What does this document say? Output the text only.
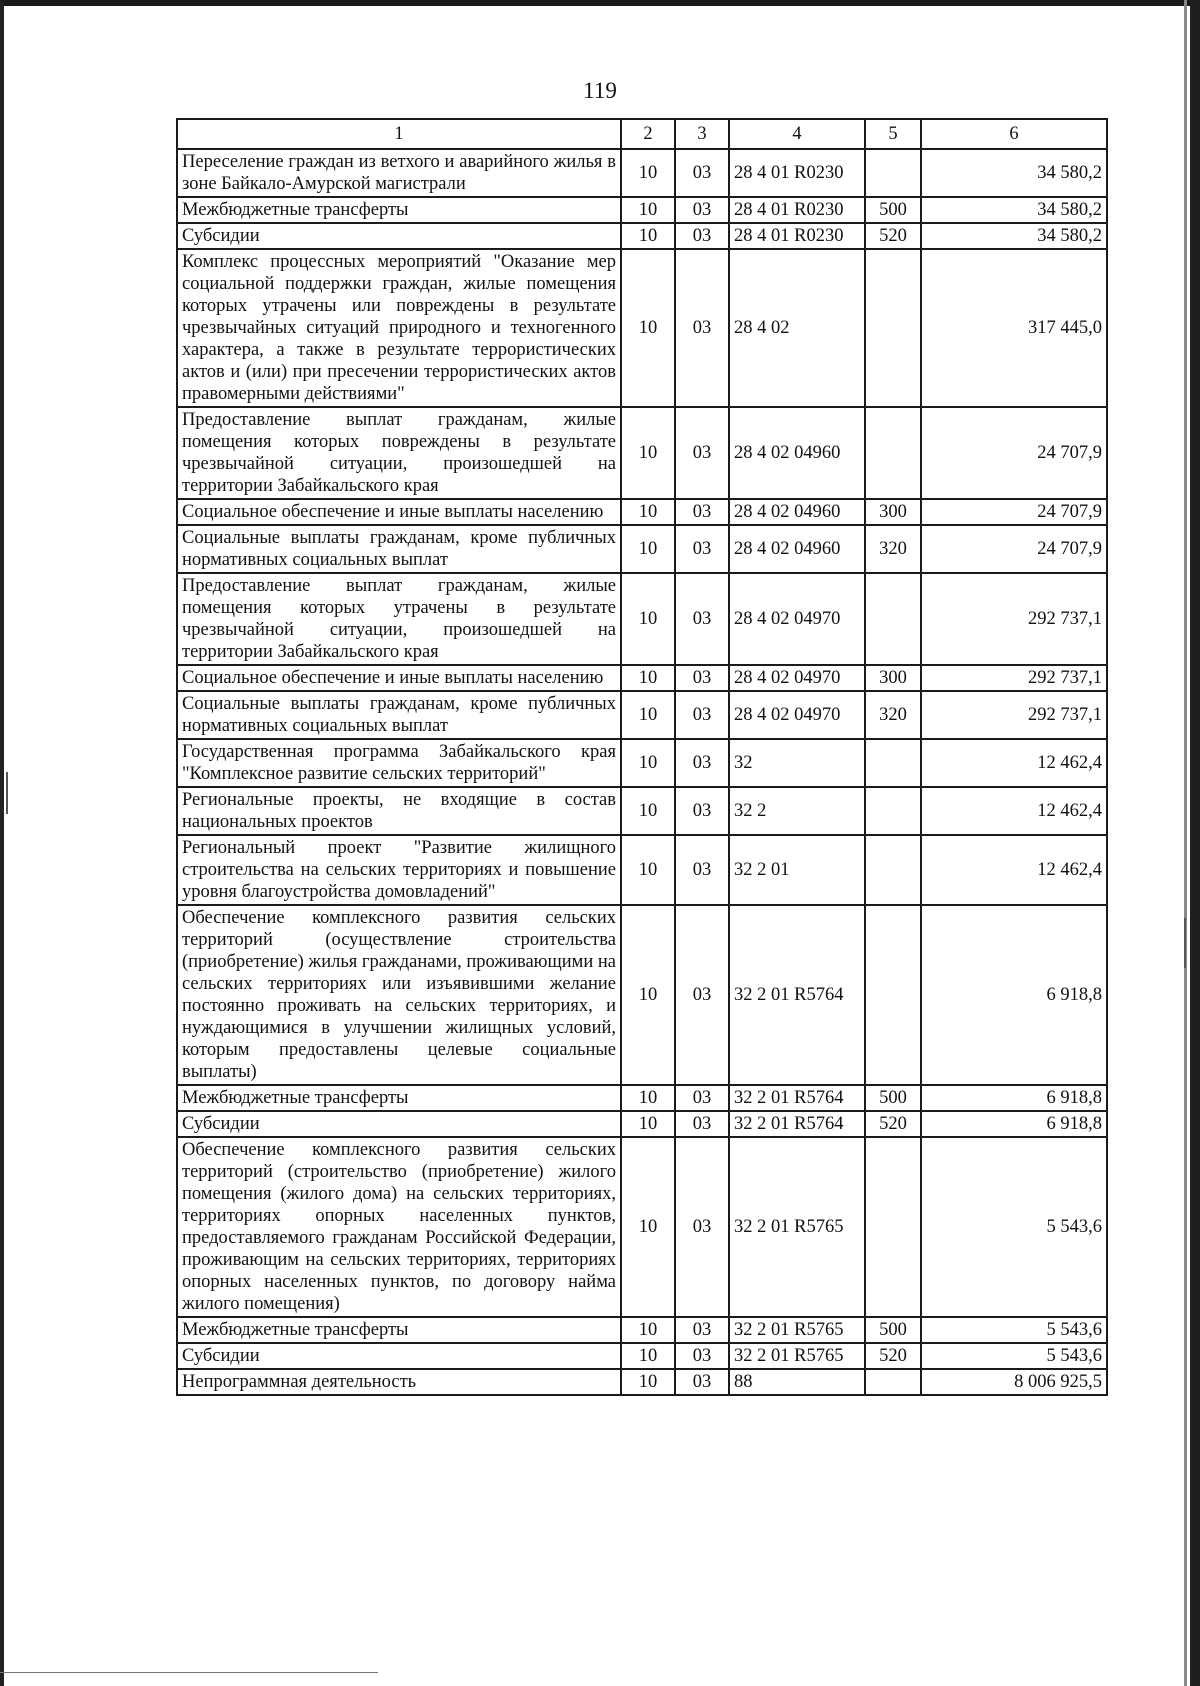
119
1	2	3	4	5	6
Переселение граждан из ветхого и аварийного жилья в зоне Байкало-Амурской магистрали	10	03	28 4 01 R0230		34 580,2
Межбюджетные трансферты	10	03	28 4 01 R0230	500	34 580,2
Субсидии	10	03	28 4 01 R0230	520	34 580,2
Комплекс процессных мероприятий "Оказание мер социальной поддержки граждан, жилые помещения которых утрачены или повреждены в результате чрезвычайных ситуаций природного и техногенного характера, а также в результате террористических актов и (или) при пресечении террористических актов правомерными действиями"	10	03	28 4 02		317 445,0
Предоставление выплат гражданам, жилые помещения которых повреждены в результате чрезвычайной ситуации, произошедшей на территории Забайкальского края	10	03	28 4 02 04960		24 707,9
Социальное обеспечение и иные выплаты населению	10	03	28 4 02 04960	300	24 707,9
Социальные выплаты гражданам, кроме публичных нормативных социальных выплат	10	03	28 4 02 04960	320	24 707,9
Предоставление выплат гражданам, жилые помещения которых утрачены в результате чрезвычайной ситуации, произошедшей на территории Забайкальского края	10	03	28 4 02 04970		292 737,1
Социальное обеспечение и иные выплаты населению	10	03	28 4 02 04970	300	292 737,1
Социальные выплаты гражданам, кроме публичных нормативных социальных выплат	10	03	28 4 02 04970	320	292 737,1
Государственная программа Забайкальского края "Комплексное развитие сельских территорий"	10	03	32		12 462,4
Региональные проекты, не входящие в состав национальных проектов	10	03	32 2		12 462,4
Региональный проект "Развитие жилищного строительства на сельских территориях и повышение уровня благоустройства домовладений"	10	03	32 2 01		12 462,4
Обеспечение комплексного развития сельских территорий (осуществление строительства (приобретение) жилья гражданами, проживающими на сельских территориях или изъявившими желание постоянно проживать на сельских территориях, и нуждающимися в улучшении жилищных условий, которым предоставлены целевые социальные выплаты)	10	03	32 2 01 R5764		6 918,8
Межбюджетные трансферты	10	03	32 2 01 R5764	500	6 918,8
Субсидии	10	03	32 2 01 R5764	520	6 918,8
Обеспечение комплексного развития сельских территорий (строительство (приобретение) жилого помещения (жилого дома) на сельских территориях, территориях опорных населенных пунктов, предоставляемого гражданам Российской Федерации, проживающим на сельских территориях, территориях опорных населенных пунктов, по договору найма жилого помещения)	10	03	32 2 01 R5765		5 543,6
Межбюджетные трансферты	10	03	32 2 01 R5765	500	5 543,6
Субсидии	10	03	32 2 01 R5765	520	5 543,6
Непрограммная деятельность	10	03	88		8 006 925,5
